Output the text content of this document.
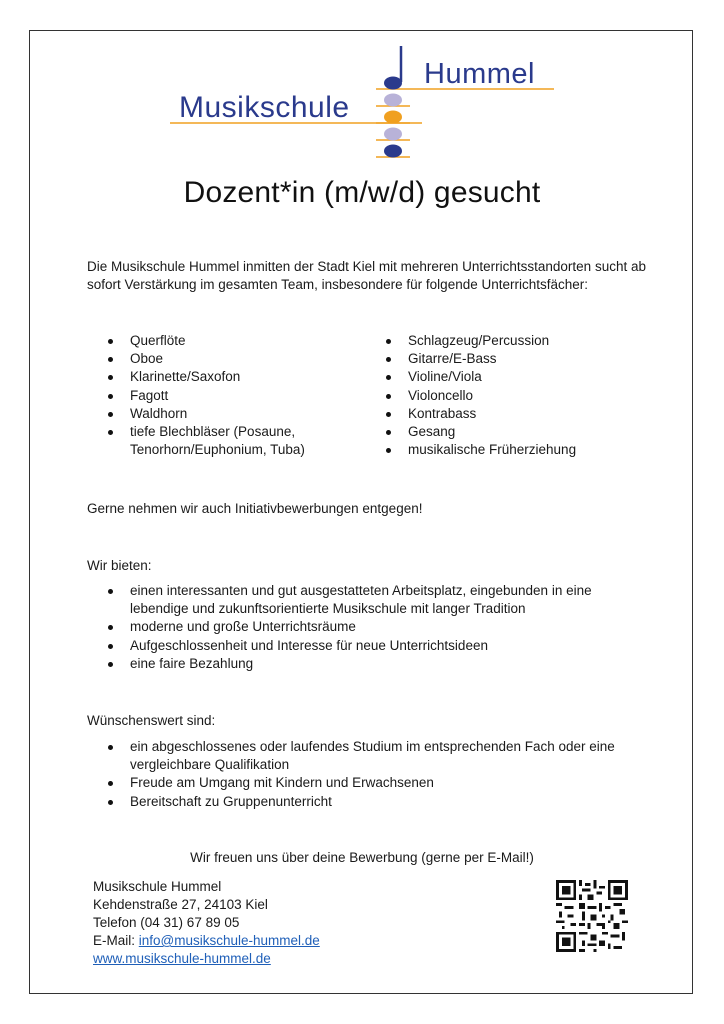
Musikschule
Hummel
Dozent*in (m/w/d) gesucht
Die Musikschule Hummel inmitten der Stadt Kiel mit mehreren Unterrichtsstandorten sucht ab sofort Verstärkung im gesamten Team, insbesondere für folgende Unterrichtsfächer:
Querflöte
Oboe
Klarinette/Saxofon
Fagott
Waldhorn
tiefe Blechbläser (Posaune, Tenorhorn/Euphonium, Tuba)
Schlagzeug/Percussion
Gitarre/E-Bass
Violine/Viola
Violoncello
Kontrabass
Gesang
musikalische Früherziehung
Gerne nehmen wir auch Initiativbewerbungen entgegen!
Wir bieten:
einen interessanten und gut ausgestatteten Arbeitsplatz, eingebunden in eine lebendige und zukunftsorientierte Musikschule mit langer Tradition
moderne und große Unterrichtsräume
Aufgeschlossenheit und Interesse für neue Unterrichtsideen
eine faire Bezahlung
Wünschenswert sind:
ein abgeschlossenes oder laufendes Studium im entsprechenden Fach oder eine vergleichbare Qualifikation
Freude am Umgang mit Kindern und Erwachsenen
Bereitschaft zu Gruppenunterricht
Wir freuen uns über deine Bewerbung (gerne per E-Mail!)
Musikschule Hummel
Kehdenstraße 27, 24103 Kiel
Telefon (04 31) 67 89 05
E-Mail: info@musikschule-hummel.de
www.musikschule-hummel.de
